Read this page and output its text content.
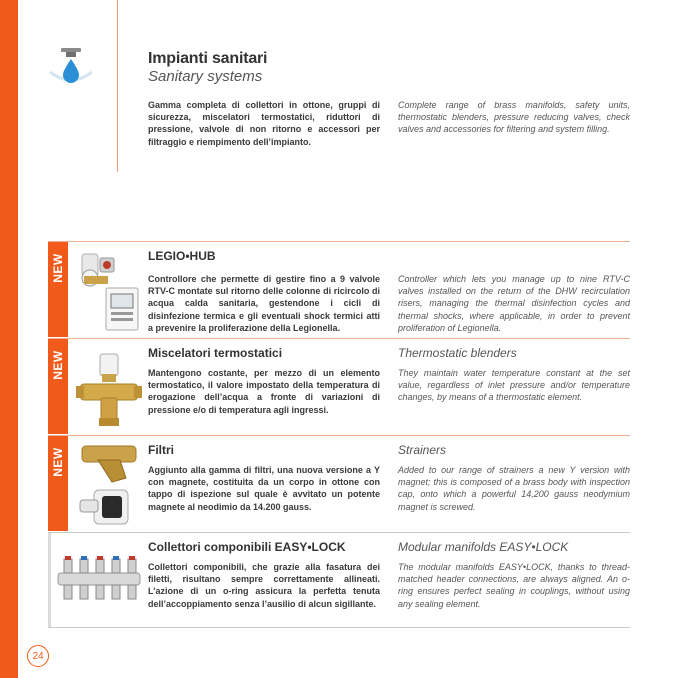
Impianti sanitari
Sanitary systems
Gamma completa di collettori in ottone, gruppi di sicurezza, miscelatori termostatici, riduttori di pressione, valvole di non ritorno e accessori per filtraggio e riempimento dell’impianto.
Complete range of brass manifolds, safety units, thermostatic blenders, pressure reducing valves, check valves and accessories for filtering and system filling.
NEW	LEGIO•HUB
Controllore che permette di gestire fino a 9 valvole RTV-C montate sul ritorno delle colonne di ricircolo di acqua calda sanitaria, gestendone i cicli di disinfezione termica e gli eventuali shock termici atti a prevenire la proliferazione della Legionella.
Controller which lets you manage up to nine RTV-C valves installed on the return of the DHW recirculation risers, managing the thermal disinfection cycles and thermal shocks, where applicable, in order to prevent proliferation of Legionella.
NEW	Miscelatori termostatici	Thermostatic blenders
Mantengono costante, per mezzo di un elemento termostatico, il valore impostato della temperatura di erogazione dell’acqua a fronte di variazioni di pressione e/o di temperatura agli ingressi.
They maintain water temperature constant at the set value, regardless of inlet pressure and/or temperature changes, by means of a thermostatic element.
NEW	Filtri	Strainers
Aggiunto alla gamma di filtri, una nuova versione a Y con magnete, costituita da un corpo in ottone con tappo di ispezione sul quale è avvitato un potente magnete al neodimio da 14.200 gauss.
Added to our range of strainers a new Y version with magnet; this is composed of a brass body with inspection cap, onto which a powerful 14,200 gauss neodymium magnet is screwed.
Collettori componibili EASY•LOCK	Modular manifolds EASY•LOCK
Collettori componibili, che grazie alla fasatura dei filetti, risultano sempre correttamente allineati. L’azione di un o-ring assicura la perfetta tenuta dell’accoppiamento senza l’ausilio di alcun sigillante.
The modular manifolds EASY•LOCK, thanks to thread-matched header connections, are always aligned. An o-ring ensures perfect sealing in couplings, without using any sealing element.
24
